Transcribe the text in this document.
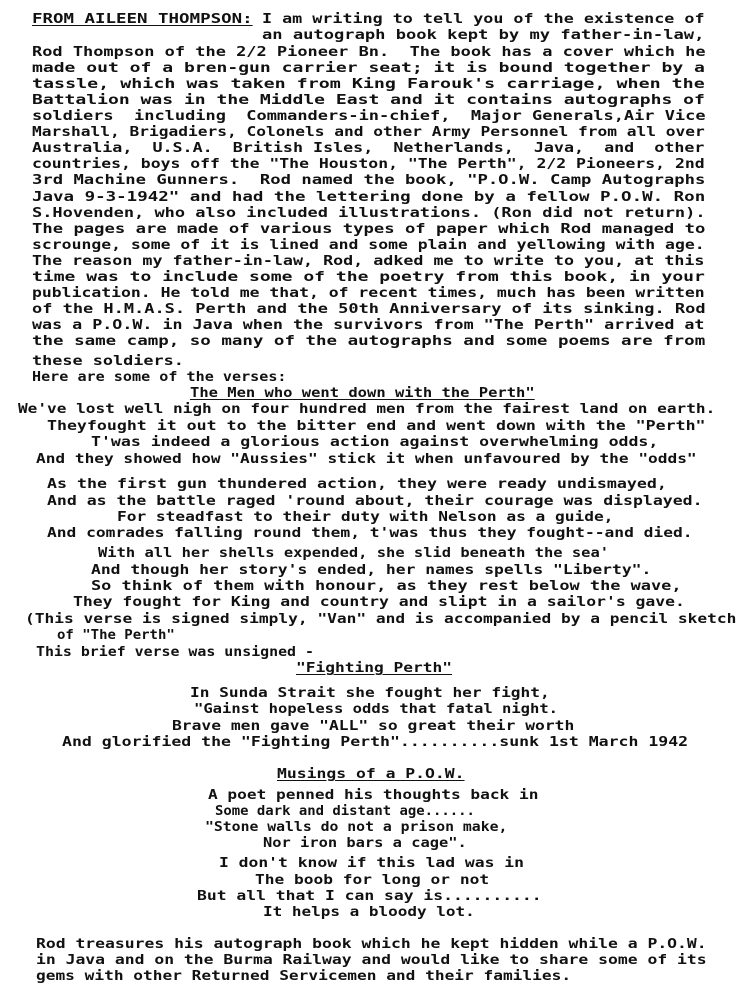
FROM AILEEN THOMPSON: I am writing to tell you of the existence of
an autograph book kept by my father-in-law,
Rod Thompson of the 2/2 Pioneer Bn.  The book has a cover which he
made out of a bren-gun carrier seat; it is bound together by a
tassle, which was taken from King Farouk's carriage, when the
Battalion was in the Middle East and it contains autographs of
soldiers  including  Commanders-in-chief,  Major Generals,Air Vice
Marshall, Brigadiers, Colonels and other Army Personnel from all over
Australia,  U.S.A.  British Isles,  Netherlands,  Java,  and  other
countries, boys off the "The Houston, "The Perth", 2/2 Pioneers, 2nd
3rd Machine Gunners.  Rod named the book, "P.O.W. Camp Autographs
Java 9-3-1942" and had the lettering done by a fellow P.O.W. Ron
S.Hovenden, who also included illustrations. (Ron did not return).
The pages are made of various types of paper which Rod managed to
scrounge, some of it is lined and some plain and yellowing with age.
The reason my father-in-law, Rod, adked me to write to you, at this
time was to include some of the poetry from this book, in your
publication. He told me that, of recent times, much has been written
of the H.M.A.S. Perth and the 50th Anniversary of its sinking. Rod
was a P.O.W. in Java when the survivors from "The Perth" arrived at
the same camp, so many of the autographs and some poems are from
these soldiers.
Here are some of the verses:
The Men who went down with the Perth"
We've lost well nigh on four hundred men from the fairest land on earth.
Theyfought it out to the bitter end and went down with the "Perth"
T'was indeed a glorious action against overwhelming odds,
And they showed how "Aussies" stick it when unfavoured by the "odds"
As the first gun thundered action, they were ready undismayed,
And as the battle raged 'round about, their courage was displayed.
For steadfast to their duty with Nelson as a guide,
And comrades falling round them, t'was thus they fought--and died.
With all her shells expended, she slid beneath the sea'
And though her story's ended, her names spells "Liberty".
So think of them with honour, as they rest below the wave,
They fought for King and country and slipt in a sailor's gave.
(This verse is signed simply, "Van" and is accompanied by a pencil sketch
of "The Perth"
This brief verse was unsigned -
"Fighting Perth"
In Sunda Strait she fought her fight,
"Gainst hopeless odds that fatal night.
Brave men gave "ALL" so great their worth
And glorified the "Fighting Perth"..........sunk 1st March 1942
Musings of a P.O.W.
A poet penned his thoughts back in
Some dark and distant age......
"Stone walls do not a prison make,
Nor iron bars a cage".
I don't know if this lad was in
The boob for long or not
But all that I can say is..........
It helps a bloody lot.
Rod treasures his autograph book which he kept hidden while a P.O.W.
in Java and on the Burma Railway and would like to share some of its
gems with other Returned Servicemen and their families.
